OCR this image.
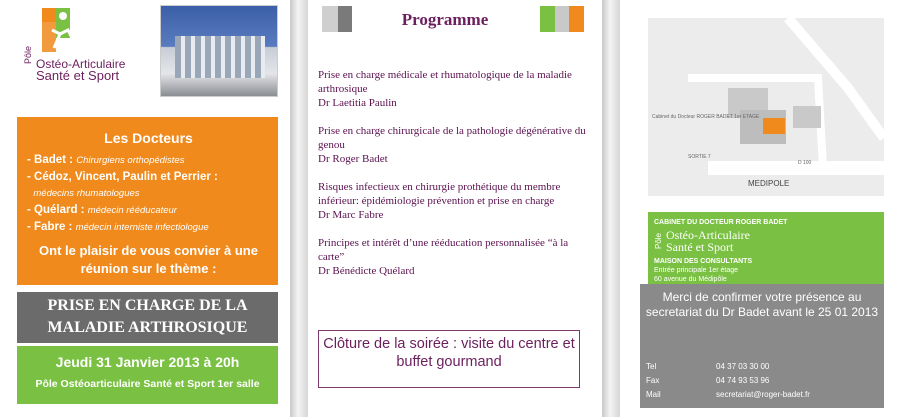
Pôle Ostéo-Articulaire
Santé et Sport
Les Docteurs
- Badet : Chirurgiens orthopédistes
- Cédoz, Vincent, Paulin et Perrier :
médecins rhumatologues
- Quélard : médecin rééducateur
- Fabre : médecin interniste infectiologue
Ont le plaisir de vous convier à une réunion sur le thème :
PRISE EN CHARGE DE LA MALADIE ARTHROSIQUE
Jeudi 31 Janvier 2013 à 20h
Pôle Ostéoarticulaire Santé et Sport 1er salle
Programme
Prise en charge médicale et rhumatologique de la maladie arthrosique
Dr Laetitia Paulin
Prise en charge chirurgicale de la pathologie dégénérative du genou
Dr Roger Badet
Risques infectieux en chirurgie prothétique du membre inférieur: épidémiologie prévention et prise en charge
Dr Marc Fabre
Principes et intérêt d’une rééducation personnalisée “à la carte”
Dr Bénédicte Quélard
Clôture de la soirée : visite du centre et buffet gourmand
MEDIPOLE
Cabinet du Docteur ROGER BADET 1er ETAGE
SORTIE 7
D 100
CABINET DU DOCTEUR ROGER BADET
Pôle Ostéo-Articulaire
Santé et Sport
MAISON DES CONSULTANTS
Entrée principale 1er étage
60 avenue du Médipôle
Merci de confirmer votre présence au secretariat du Dr Badet avant le 25 01 2013
Tel	04 37 03 30 00
Fax	04 74 93 53 96
Mail	secretariat@roger-badet.fr
